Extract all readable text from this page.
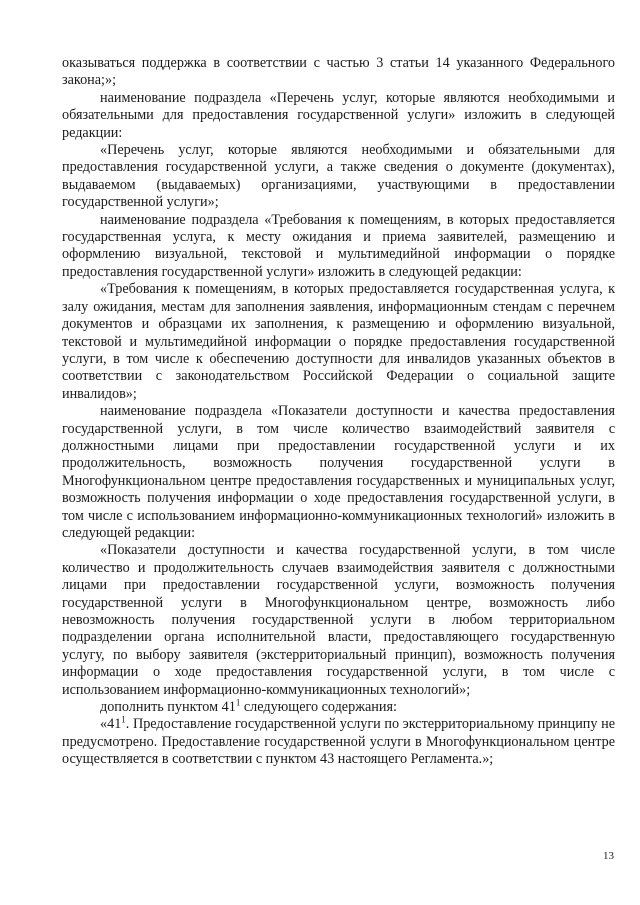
оказываться поддержка в соответствии с частью 3 статьи 14 указанного Федерального закона;»;

наименование подраздела «Перечень услуг, которые являются необходимыми и обязательными для предоставления государственной услуги» изложить в следующей редакции:

«Перечень услуг, которые являются необходимыми и обязательными для предоставления государственной услуги, а также сведения о документе (документах), выдаваемом (выдаваемых) организациями, участвующими в предоставлении государственной услуги»;

наименование подраздела «Требования к помещениям, в которых предоставляется государственная услуга, к месту ожидания и приема заявителей, размещению и оформлению визуальной, текстовой и мультимедийной информации о порядке предоставления государственной услуги» изложить в следующей редакции:

«Требования к помещениям, в которых предоставляется государственная услуга, к залу ожидания, местам для заполнения заявления, информационным стендам с перечнем документов и образцами их заполнения, к размещению и оформлению визуальной, текстовой и мультимедийной информации о порядке предоставления государственной услуги, в том числе к обеспечению доступности для инвалидов указанных объектов в соответствии с законодательством Российской Федерации о социальной защите инвалидов»;

наименование подраздела «Показатели доступности и качества предоставления государственной услуги, в том числе количество взаимодействий заявителя с должностными лицами при предоставлении государственной услуги и их продолжительность, возможность получения государственной услуги в Многофункциональном центре предоставления государственных и муниципальных услуг, возможность получения информации о ходе предоставления государственной услуги, в том числе с использованием информационно-коммуникационных технологий» изложить в следующей редакции:

«Показатели доступности и качества государственной услуги, в том числе количество и продолжительность случаев взаимодействия заявителя с должностными лицами при предоставлении государственной услуги, возможность получения государственной услуги в Многофункциональном центре, возможность либо невозможность получения государственной услуги в любом территориальном подразделении органа исполнительной власти, предоставляющего государственную услугу, по выбору заявителя (экстерриториальный принцип), возможность получения информации о ходе предоставления государственной услуги, в том числе с использованием информационно-коммуникационных технологий»;

дополнить пунктом $41^1$ следующего содержания:

«$41^1$. Предоставление государственной услуги по экстерриториальному принципу не предусмотрено. Предоставление государственной услуги в Многофункциональном центре осуществляется в соответствии с пунктом 43 настоящего Регламента.»;

13
